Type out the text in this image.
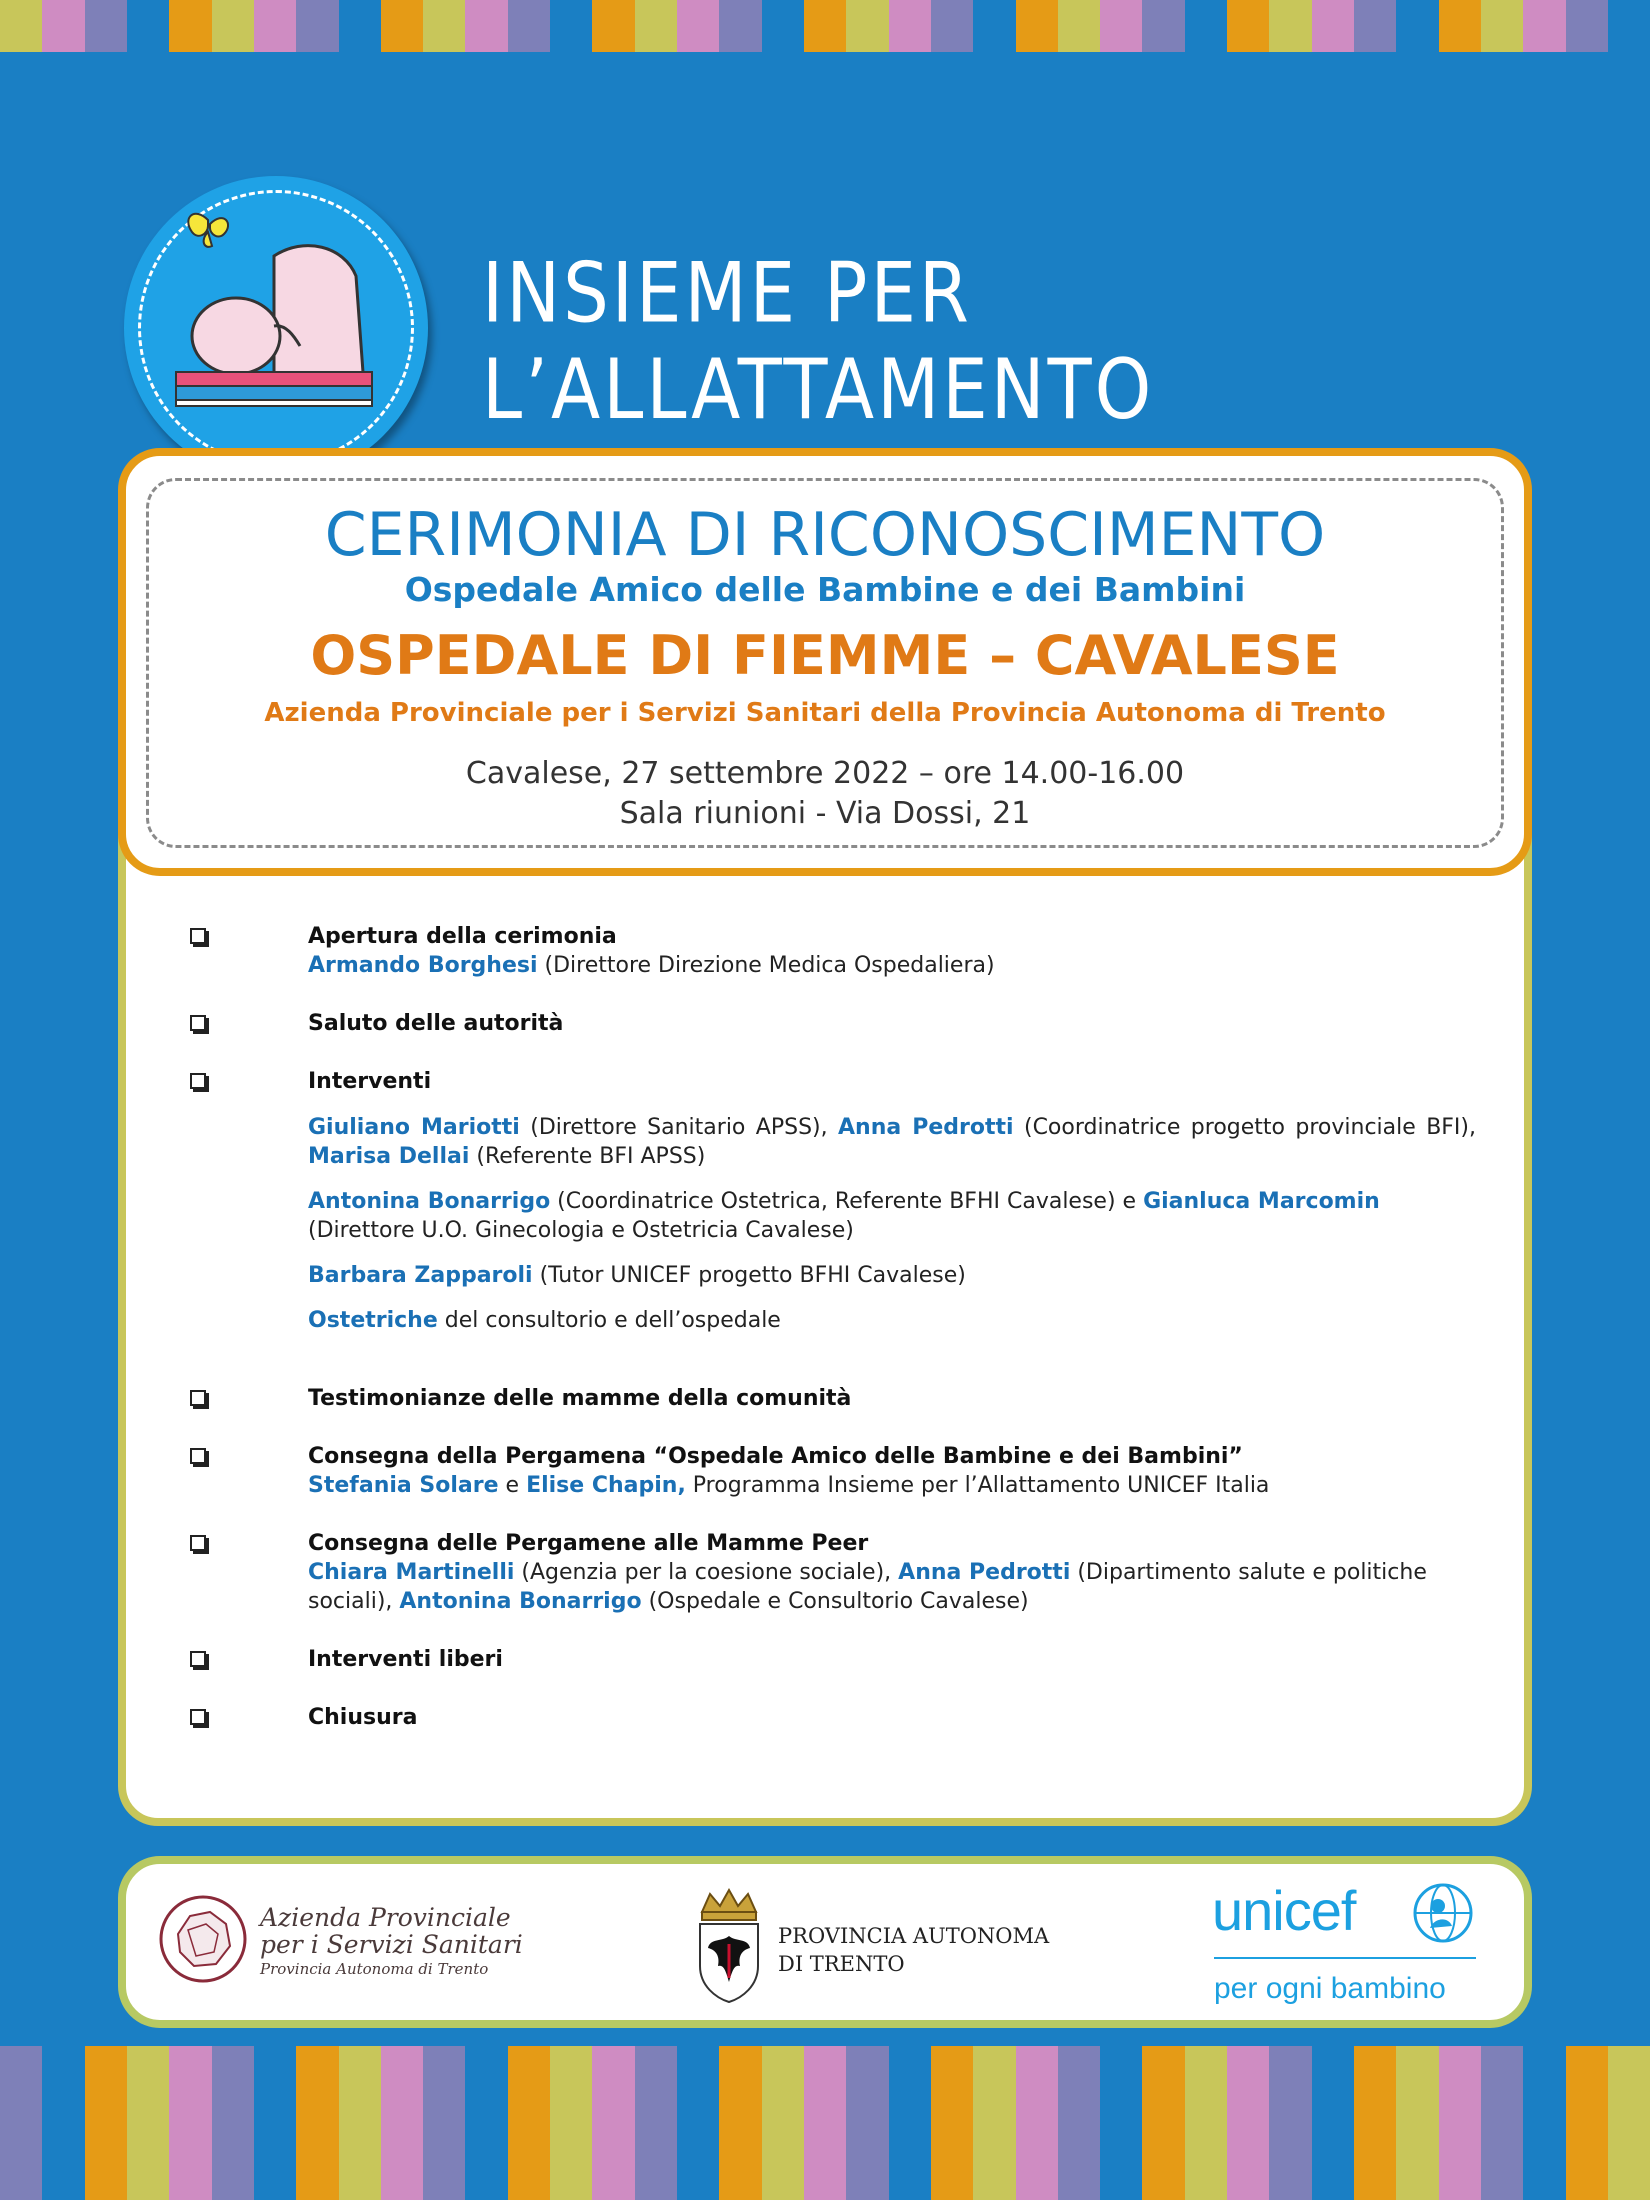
INSIEME PER L’ALLATTAMENTO
Apertura della cerimonia
Armando Borghesi (Direttore Direzione Medica Ospedaliera)
Saluto delle autorità
Interventi
Giuliano Mariotti (Direttore Sanitario APSS), Anna Pedrotti (Coordinatrice progetto provinciale BFI), Marisa Dellai (Referente BFI APSS)
Antonina Bonarrigo (Coordinatrice Ostetrica, Referente BFHI Cavalese) e Gianluca Marcomin (Direttore U.O. Ginecologia e Ostetricia Cavalese)
Barbara Zapparoli (Tutor UNICEF progetto BFHI Cavalese)
Ostetriche del consultorio e dell’ospedale
Testimonianze delle mamme della comunità
Consegna della Pergamena “Ospedale Amico delle Bambine e dei Bambini”
Stefania Solare e Elise Chapin, Programma Insieme per l’Allattamento UNICEF Italia
Consegna delle Pergamene alle Mamme Peer
Chiara Martinelli (Agenzia per la coesione sociale), Anna Pedrotti (Dipartimento salute e politiche sociali), Antonina Bonarrigo (Ospedale e Consultorio Cavalese)
Interventi liberi
Chiusura
CERIMONIA DI RICONOSCIMENTO
Ospedale Amico delle Bambine e dei Bambini
OSPEDALE DI FIEMME – CAVALESE
Azienda Provinciale per i Servizi Sanitari della Provincia Autonoma di Trento
Cavalese, 27 settembre 2022 – ore 14.00-16.00
Sala riunioni - Via Dossi, 21
Azienda Provinciale
per i Servizi Sanitari
Provincia Autonoma di Trento
PROVINCIA AUTONOMA
DI TRENTO
unicef
per ogni bambino
